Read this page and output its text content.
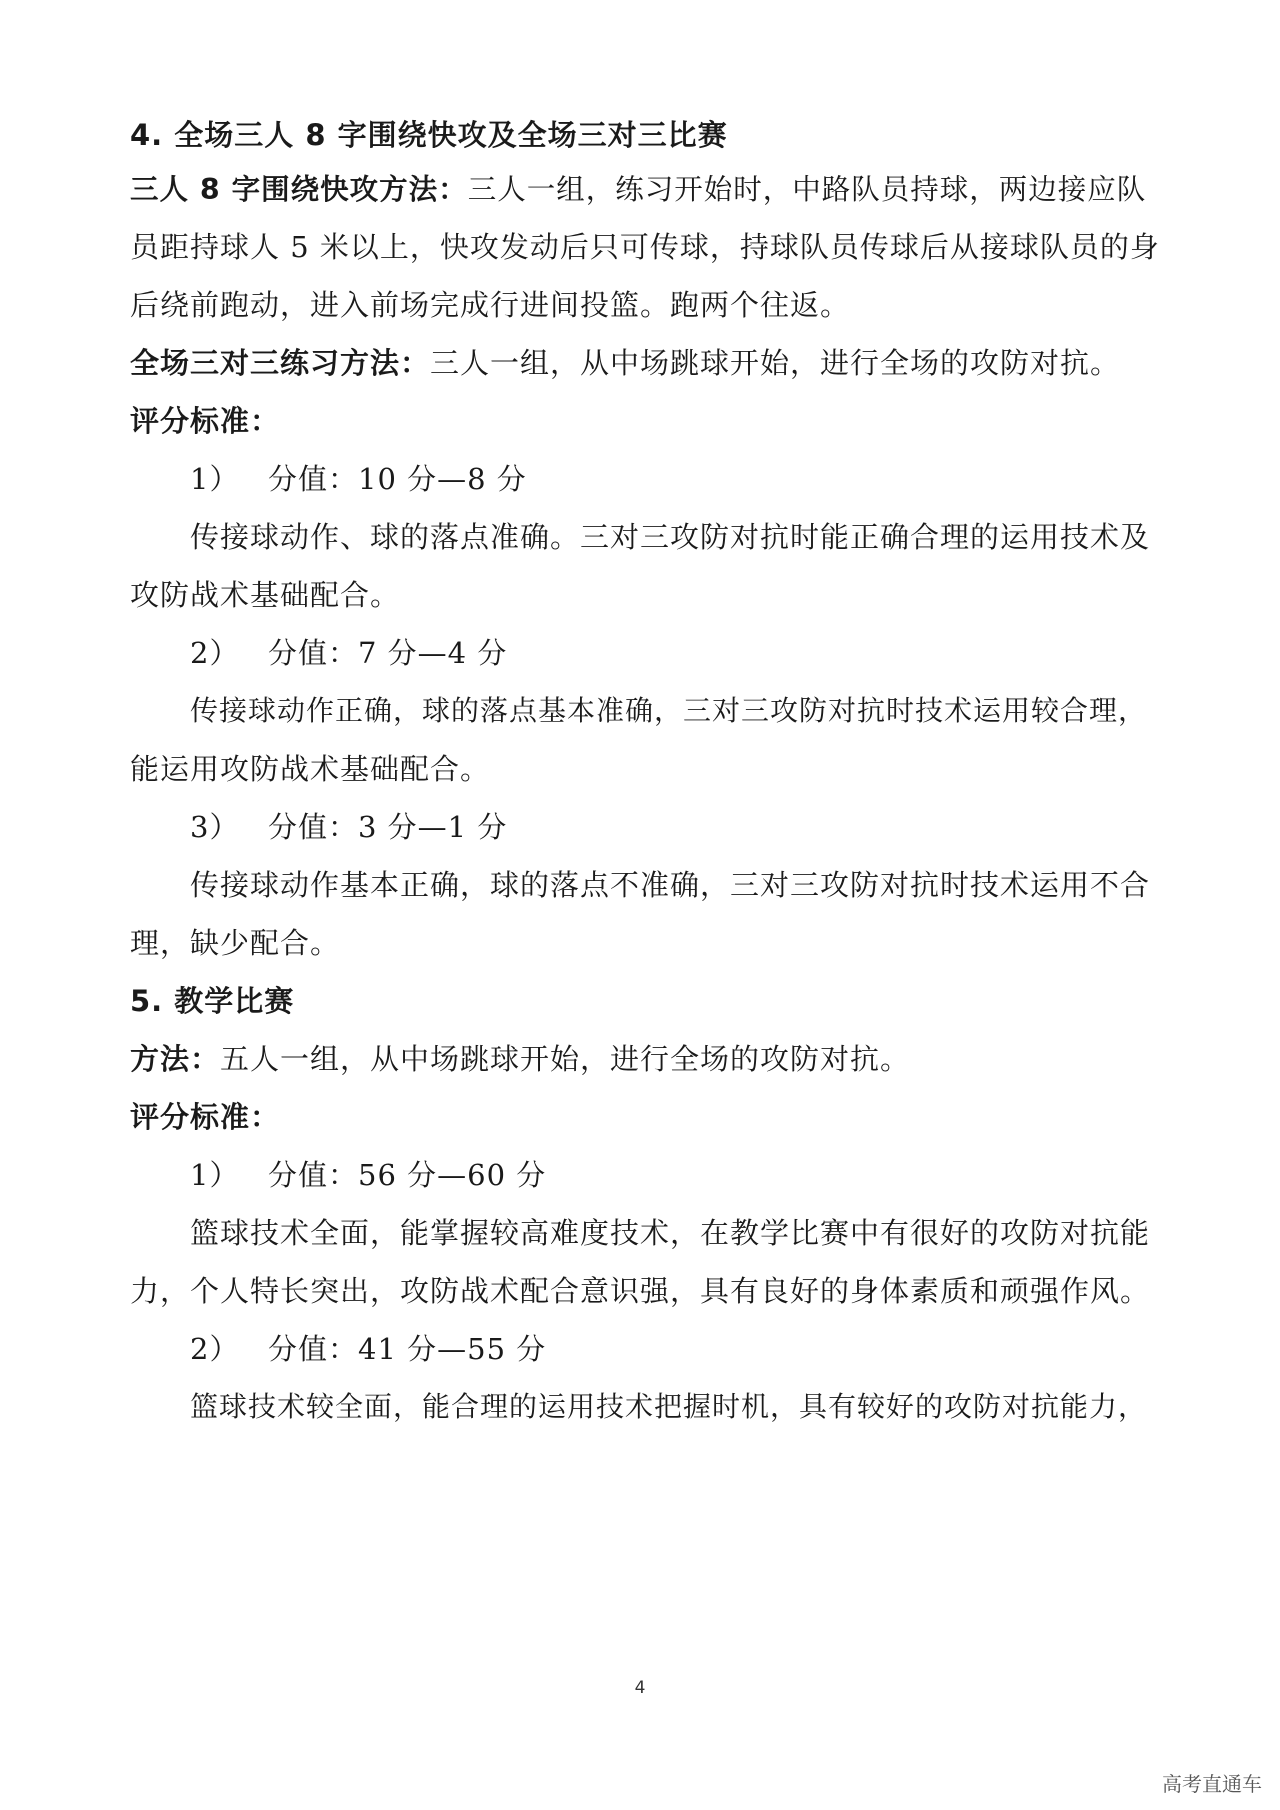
4. 全场三人 8 字围绕快攻及全场三对三比赛
三人 8 字围绕快攻方法：三人一组，练习开始时，中路队员持球，两边接应队
员距持球人 5 米以上，快攻发动后只可传球，持球队员传球后从接球队员的身
后绕前跑动，进入前场完成行进间投篮。跑两个往返。
全场三对三练习方法：三人一组，从中场跳球开始，进行全场的攻防对抗。
评分标准：
1） 分值：10 分—8 分
传接球动作、球的落点准确。三对三攻防对抗时能正确合理的运用技术及
攻防战术基础配合。
2） 分值：7 分—4 分
传接球动作正确，球的落点基本准确，三对三攻防对抗时技术运用较合理，
能运用攻防战术基础配合。
3） 分值：3 分—1 分
传接球动作基本正确，球的落点不准确，三对三攻防对抗时技术运用不合
理，缺少配合。
5. 教学比赛
方法：五人一组，从中场跳球开始，进行全场的攻防对抗。
评分标准：
1） 分值：56 分—60 分
篮球技术全面，能掌握较高难度技术，在教学比赛中有很好的攻防对抗能
力，个人特长突出，攻防战术配合意识强，具有良好的身体素质和顽强作风。
2） 分值：41 分—55 分
篮球技术较全面，能合理的运用技术把握时机，具有较好的攻防对抗能力，
4
高考直通车
